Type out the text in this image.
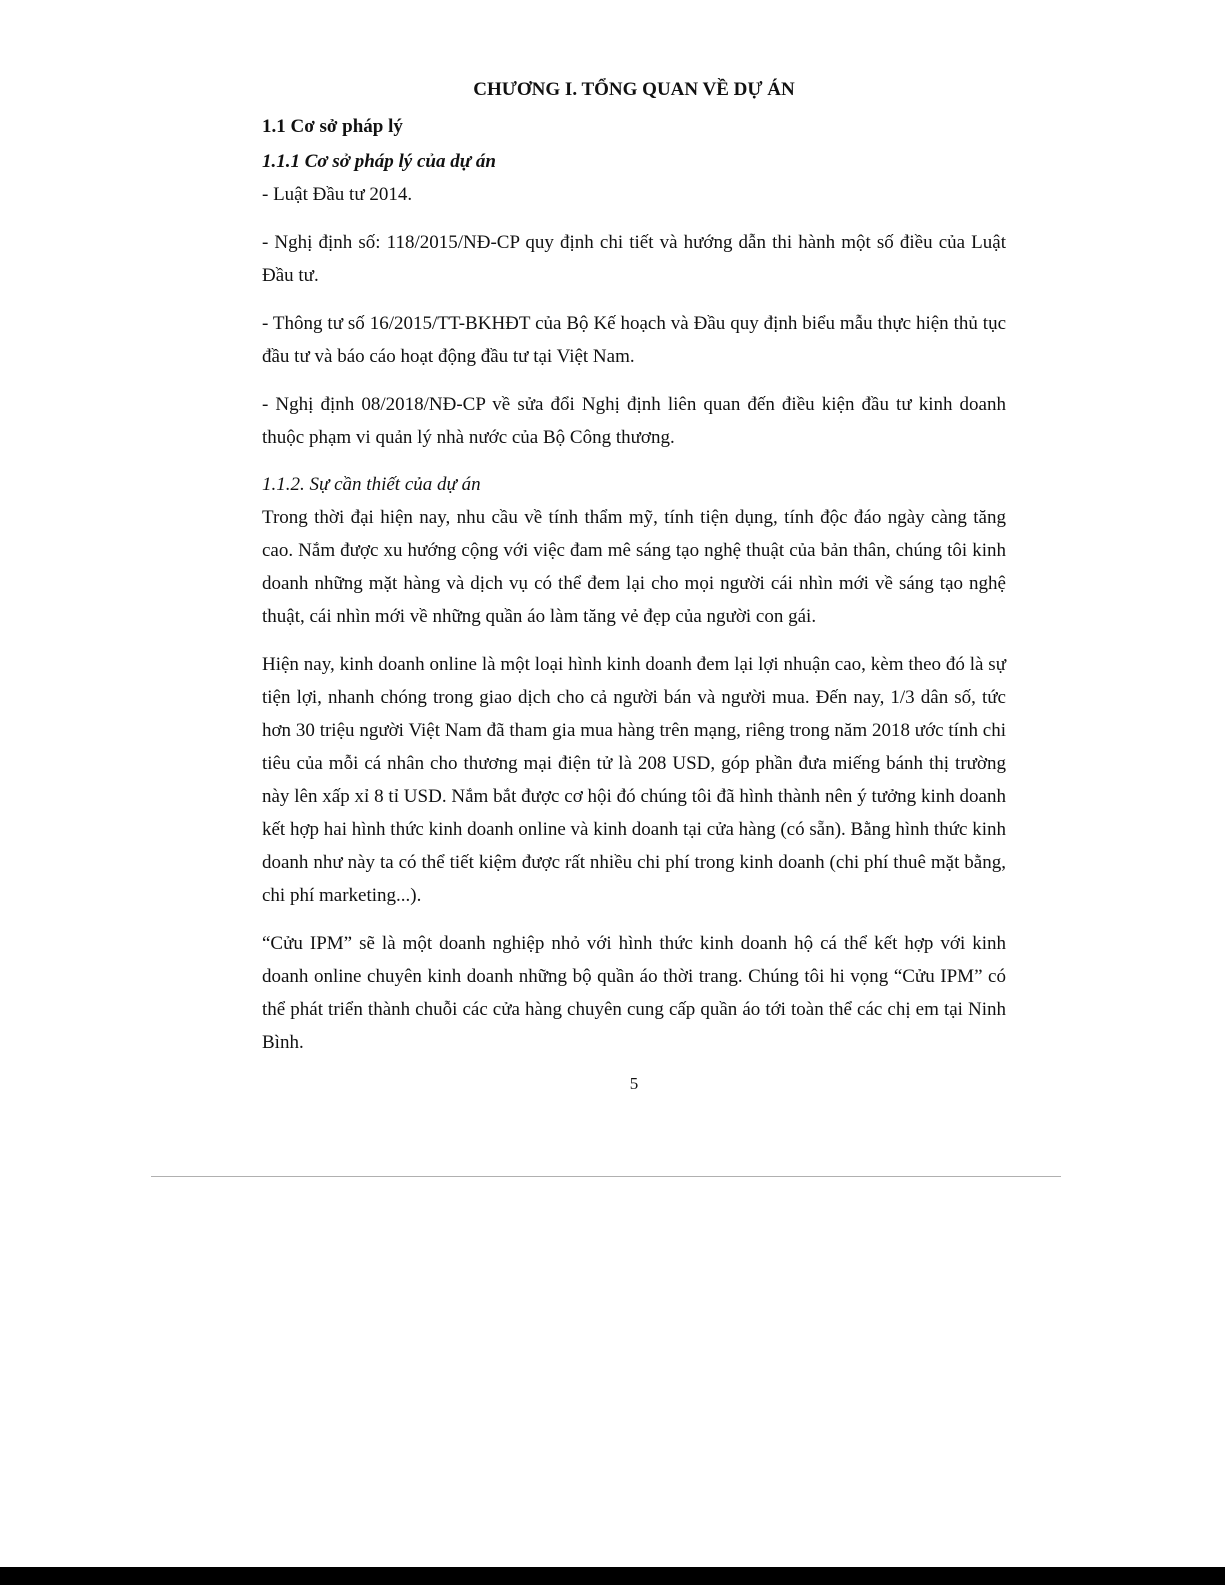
CHƯƠNG I. TỔNG QUAN VỀ DỰ ÁN
1.1 Cơ sở pháp lý
1.1.1 Cơ sở pháp lý của dự án

- Luật Đầu tư 2014.

- Nghị định số: 118/2015/NĐ-CP quy định chi tiết và hướng dẫn thi hành một số điều của Luật Đầu tư.

- Thông tư số 16/2015/TT-BKHĐT của Bộ Kế hoạch và Đầu quy định biểu mẫu thực hiện thủ tục đầu tư và báo cáo hoạt động đầu tư tại Việt Nam.

- Nghị định 08/2018/NĐ-CP về sửa đổi Nghị định liên quan đến điều kiện đầu tư kinh doanh thuộc phạm vi quản lý nhà nước của Bộ Công thương.

1.1.2. Sự cần thiết của dự án

Trong thời đại hiện nay, nhu cầu về tính thẩm mỹ, tính tiện dụng, tính độc đáo ngày càng tăng cao. Nắm được xu hướng cộng với việc đam mê sáng tạo nghệ thuật của bản thân, chúng tôi kinh doanh những mặt hàng và dịch vụ có thể đem lại cho mọi người cái nhìn mới về sáng tạo nghệ thuật, cái nhìn mới về những quần áo làm tăng vẻ đẹp của người con gái.

Hiện nay, kinh doanh online là một loại hình kinh doanh đem lại lợi nhuận cao, kèm theo đó là sự tiện lợi, nhanh chóng trong giao dịch cho cả người bán và người mua. Đến nay, 1/3 dân số, tức hơn 30 triệu người Việt Nam đã tham gia mua hàng trên mạng, riêng trong năm 2018 ước tính chi tiêu của mỗi cá nhân cho thương mại điện tử là 208 USD, góp phần đưa miếng bánh thị trường này lên xấp xỉ 8 tỉ USD. Nắm bắt được cơ hội đó chúng tôi đã hình thành nên ý tưởng kinh doanh kết hợp hai hình thức kinh doanh online và kinh doanh tại cửa hàng (có sẵn). Bằng hình thức kinh doanh như này ta có thể tiết kiệm được rất nhiều chi phí trong kinh doanh (chi phí thuê mặt bằng, chi phí marketing...).

“Cửu IPM” sẽ là một doanh nghiệp nhỏ với hình thức kinh doanh hộ cá thể kết hợp với kinh doanh online chuyên kinh doanh những bộ quần áo thời trang. Chúng tôi hi vọng “Cửu IPM” có thể phát triển thành chuỗi các cửa hàng chuyên cung cấp quần áo tới toàn thể các chị em tại Ninh Bình.

5
